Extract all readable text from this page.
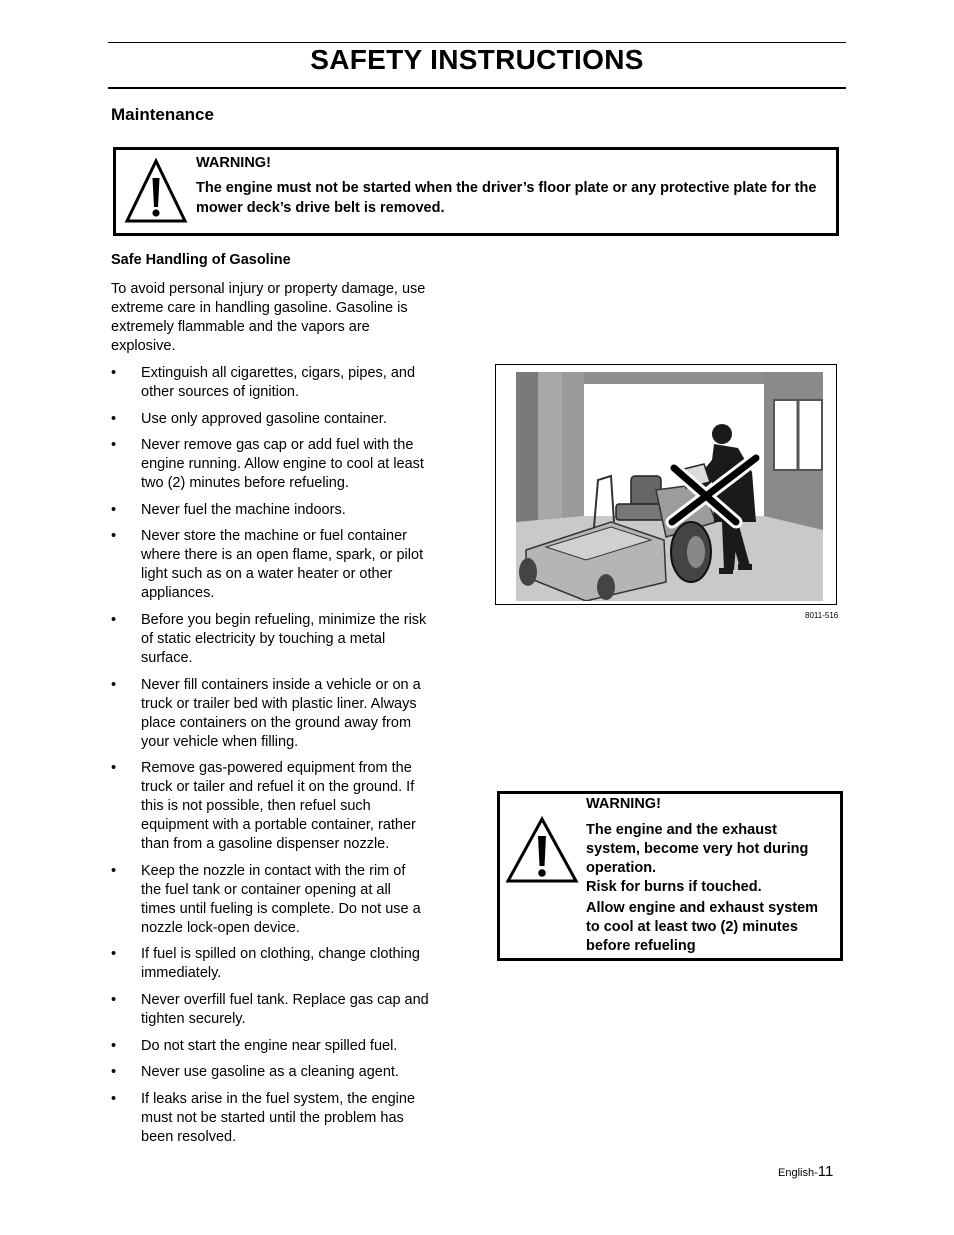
SAFETY INSTRUCTIONS
Maintenance
WARNING!
The engine must not be started when the driver’s floor plate or any protective plate for the mower deck’s drive belt is removed.
Safe Handling of Gasoline
To avoid personal injury or property damage, use extreme care in handling gasoline. Gasoline is extremely flammable and the vapors are explosive.
• Extinguish all cigarettes, cigars, pipes, and other sources of ignition.
• Use only approved gasoline container.
• Never remove gas cap or add fuel with the engine running. Allow engine to cool at least two (2) minutes before refueling.
• Never fuel the machine indoors.
• Never store the machine or fuel container where there is an open flame, spark, or pilot light such as on a water heater or other appliances.
• Before you begin refueling, minimize the risk of static electricity by touching a metal surface.
• Never fill containers inside a vehicle or on a truck or trailer bed with plastic liner. Always place containers on the ground away from your vehicle when filling.
• Remove gas-powered equipment from the truck or tailer and refuel it on the ground. If this is not possible, then refuel such equipment with a portable container, rather than from a gasoline dispenser nozzle.
• Keep the nozzle in contact with the rim of the fuel tank or container opening at all times until fueling is complete. Do not use a nozzle lock-open device.
• If fuel is spilled on clothing, change clothing immediately.
• Never overfill fuel tank. Replace gas cap and tighten securely.
• Do not start the engine near spilled fuel.
• Never use gasoline as a cleaning agent.
• If leaks arise in the fuel system, the engine must not be started until the problem has been resolved.
8011-516
WARNING!
The engine and the exhaust system, become very hot during operation.
Risk for burns if touched.
Allow engine and exhaust system to cool at least two (2) minutes before refueling
English-11
